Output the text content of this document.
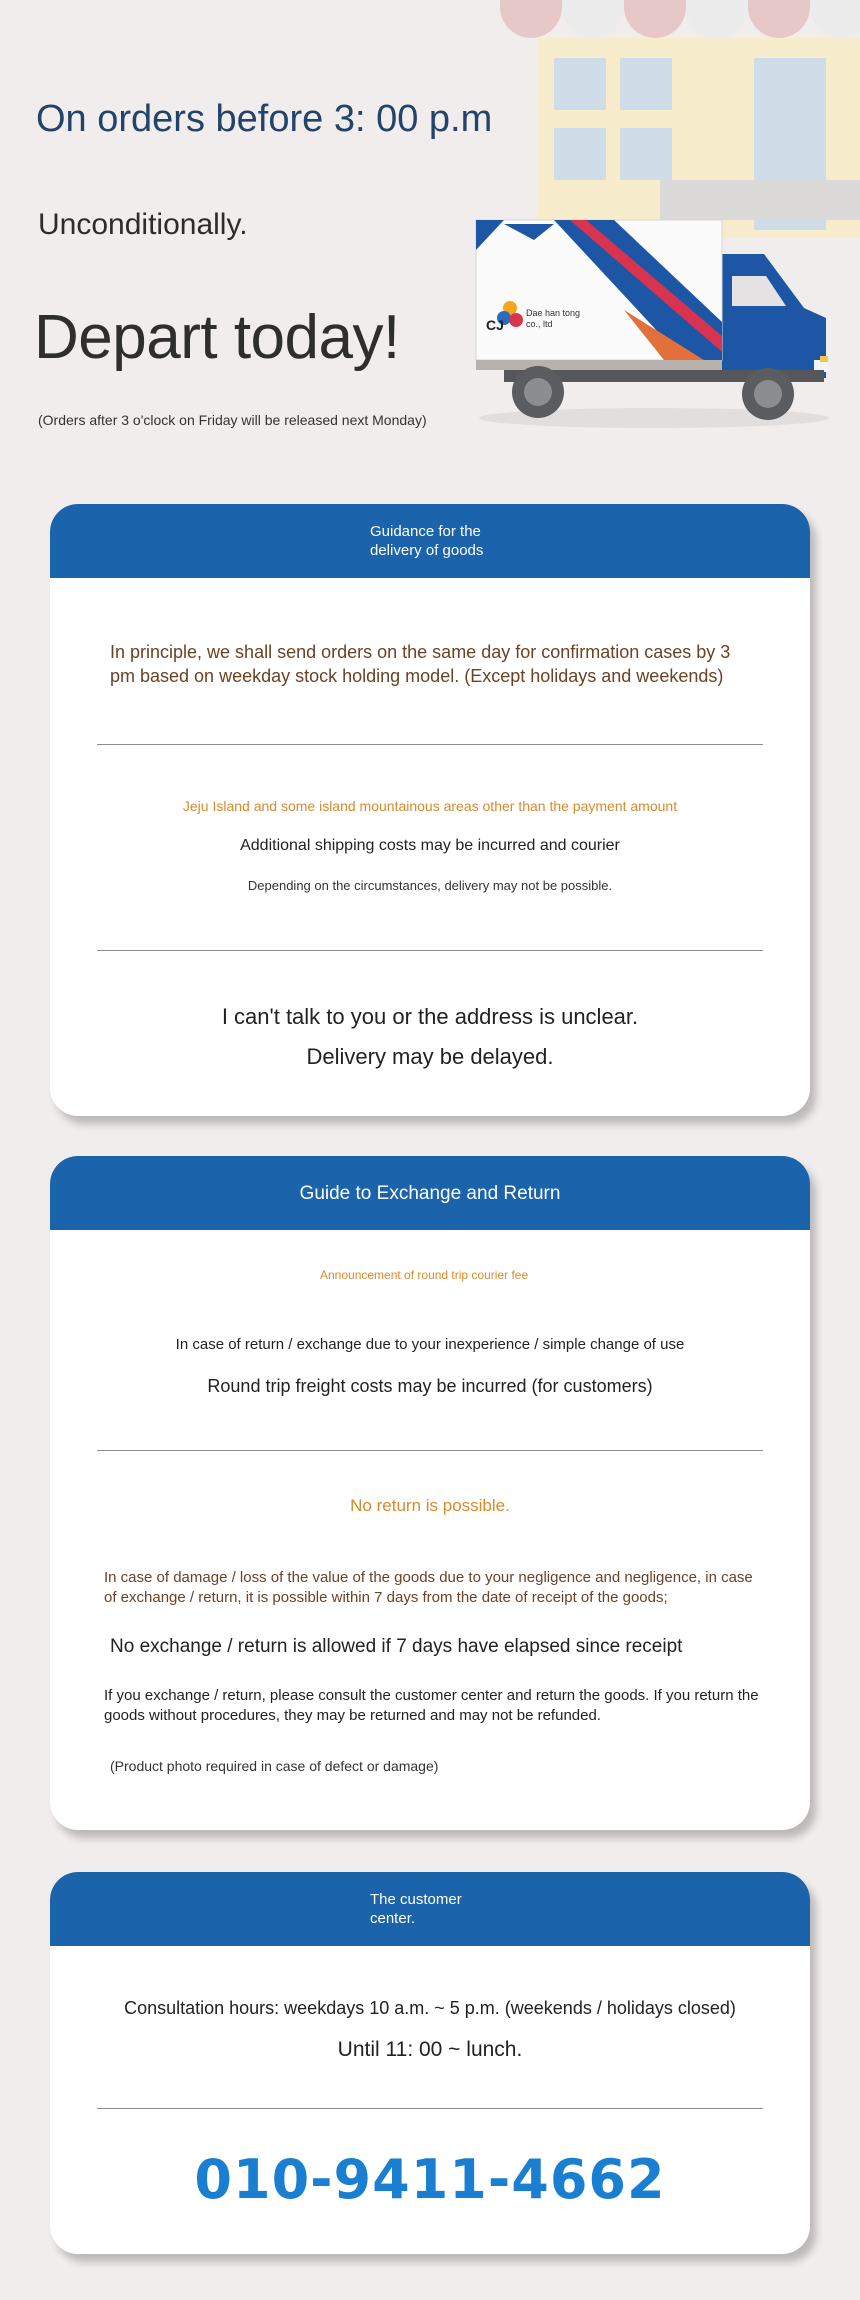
CJ
Dae han tong co., ltd
On orders before 3: 00 p.m
Unconditionally.
Depart today!
(Orders after 3 o'clock on Friday will be released next Monday)
Guidance for the delivery of goods
In principle, we shall send orders on the same day for confirmation cases by 3 pm based on weekday stock holding model. (Except holidays and weekends)
Jeju Island and some island mountainous areas other than the payment amount
Additional shipping costs may be incurred and courier
Depending on the circumstances, delivery may not be possible.
I can't talk to you or the address is unclear.
Delivery may be delayed.
Guide to Exchange and Return
Announcement of round trip courier fee
In case of return / exchange due to your inexperience / simple change of use
Round trip freight costs may be incurred (for customers)
No return is possible.
In case of damage / loss of the value of the goods due to your negligence and negligence, in case of exchange / return, it is possible within 7 days from the date of receipt of the goods;
No exchange / return is allowed if 7 days have elapsed since receipt
If you exchange / return, please consult the customer center and return the goods. If you return the goods without procedures, they may be returned and may not be refunded.
(Product photo required in case of defect or damage)
The customer center.
Consultation hours: weekdays 10 a.m. ~ 5 p.m. (weekends / holidays closed)
Until 11: 00 ~ lunch.
010-9411-4662
